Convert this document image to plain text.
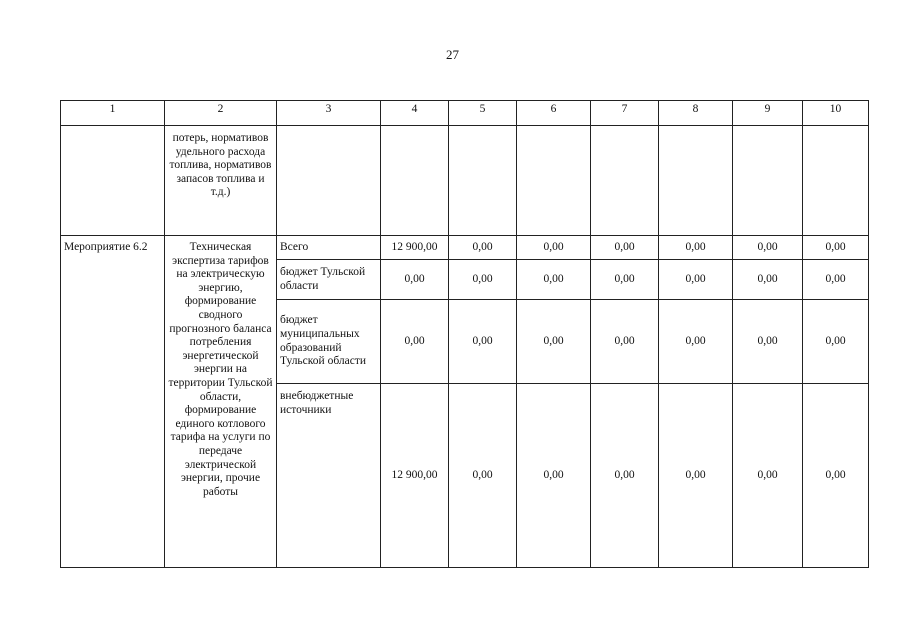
27
1	2	3	4	5	6	7	8	9	10
	потерь, нормативов удельного расхода топлива, нормативов запасов топлива и т.д.)								
Мероприятие 6.2	Техническая экспертиза тарифов на электрическую энергию, формирование сводного прогнозного баланса потребления энергетической энергии на территории Тульской области, формирование единого котлового тарифа на услуги по передаче электрической энергии, прочие работы	Всего	12 900,00	0,00	0,00	0,00	0,00	0,00	0,00
		бюджет Тульской области	0,00	0,00	0,00	0,00	0,00	0,00	0,00
		бюджет муниципальных образований Тульской области	0,00	0,00	0,00	0,00	0,00	0,00	0,00
		внебюджетные источники	12 900,00	0,00	0,00	0,00	0,00	0,00	0,00
